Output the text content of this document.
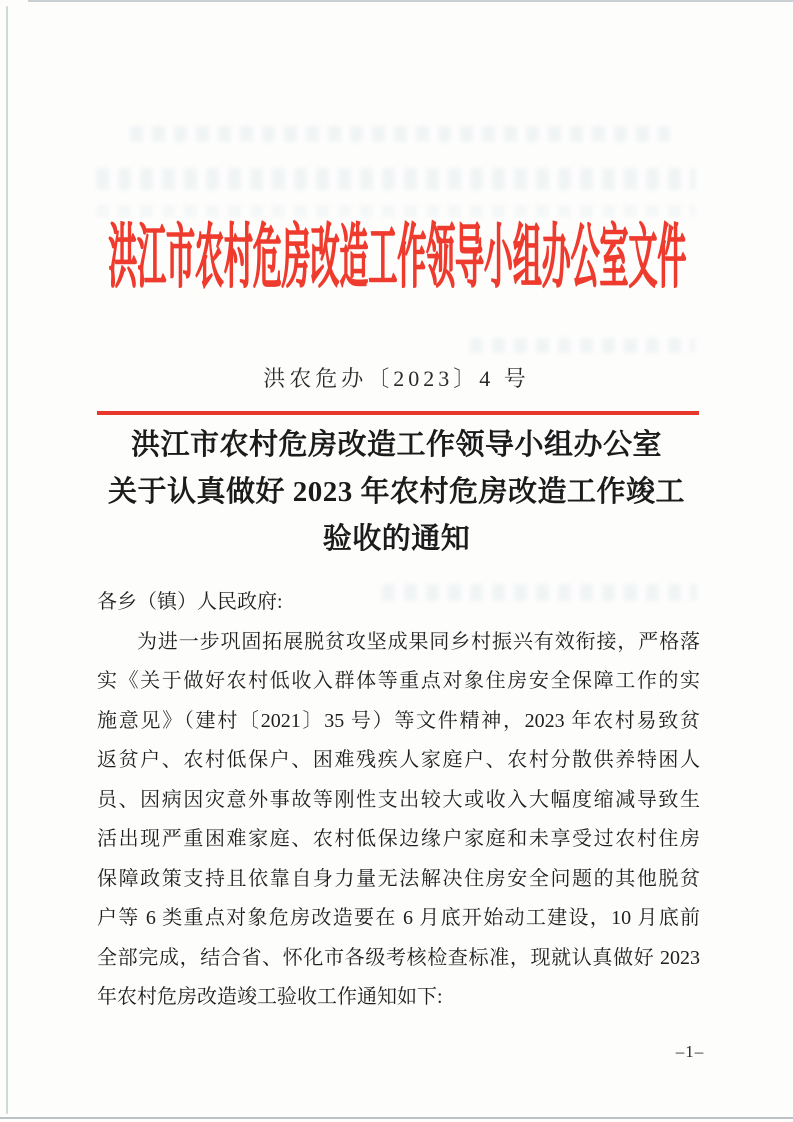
洪江市农村危房改造工作领导小组办公室文件
洪农危办〔2023〕4 号
洪江市农村危房改造工作领导小组办公室
关于认真做好 2023 年农村危房改造工作竣工
验收的通知
各乡（镇）人民政府:
为进一步巩固拓展脱贫攻坚成果同乡村振兴有效衔接，严格落
实《关于做好农村低收入群体等重点对象住房安全保障工作的实
施意见》（建村〔2021〕35 号）等文件精神，2023 年农村易致贫
返贫户、农村低保户、困难残疾人家庭户、农村分散供养特困人
员、因病因灾意外事故等刚性支出较大或收入大幅度缩减导致生
活出现严重困难家庭、农村低保边缘户家庭和未享受过农村住房
保障政策支持且依靠自身力量无法解决住房安全问题的其他脱贫
户等 6 类重点对象危房改造要在 6 月底开始动工建设，10 月底前
全部完成，结合省、怀化市各级考核检查标准，现就认真做好 2023
年农村危房改造竣工验收工作通知如下:
–1–
